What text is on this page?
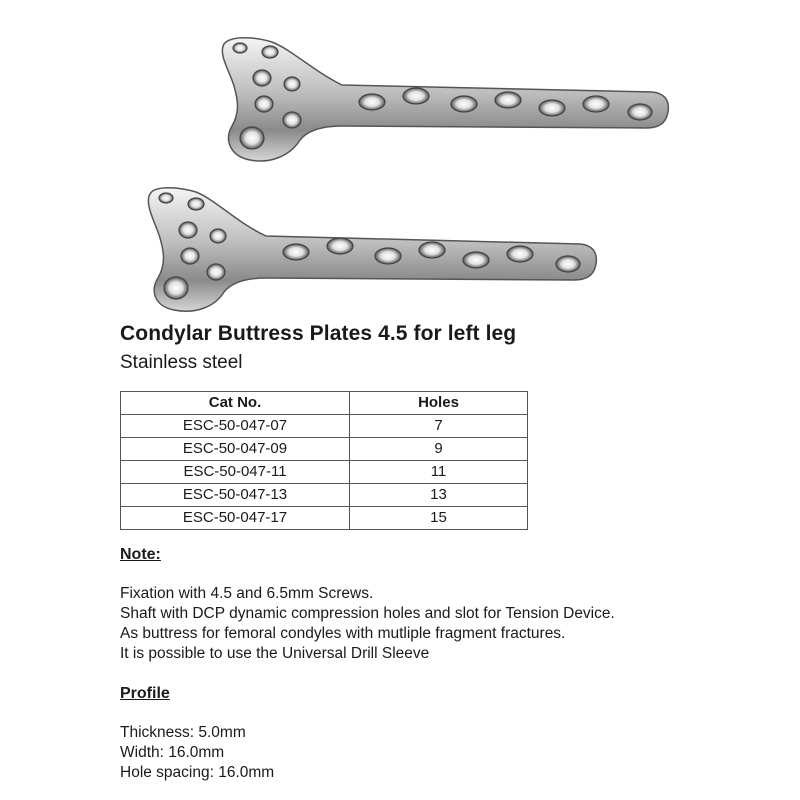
Condylar Buttress Plates 4.5 for left leg
Stainless steel
Cat No.	Holes
ESC-50-047-07	7
ESC-50-047-09	9
ESC-50-047-11	11
ESC-50-047-13	13
ESC-50-047-17	15
Note:
Fixation with 4.5 and 6.5mm Screws.
Shaft with DCP dynamic compression holes and slot for Tension Device.
As buttress for femoral condyles with mutliple fragment fractures.
It is possible to use the Universal Drill Sleeve
Profile
Thickness: 5.0mm
Width: 16.0mm
Hole spacing: 16.0mm
